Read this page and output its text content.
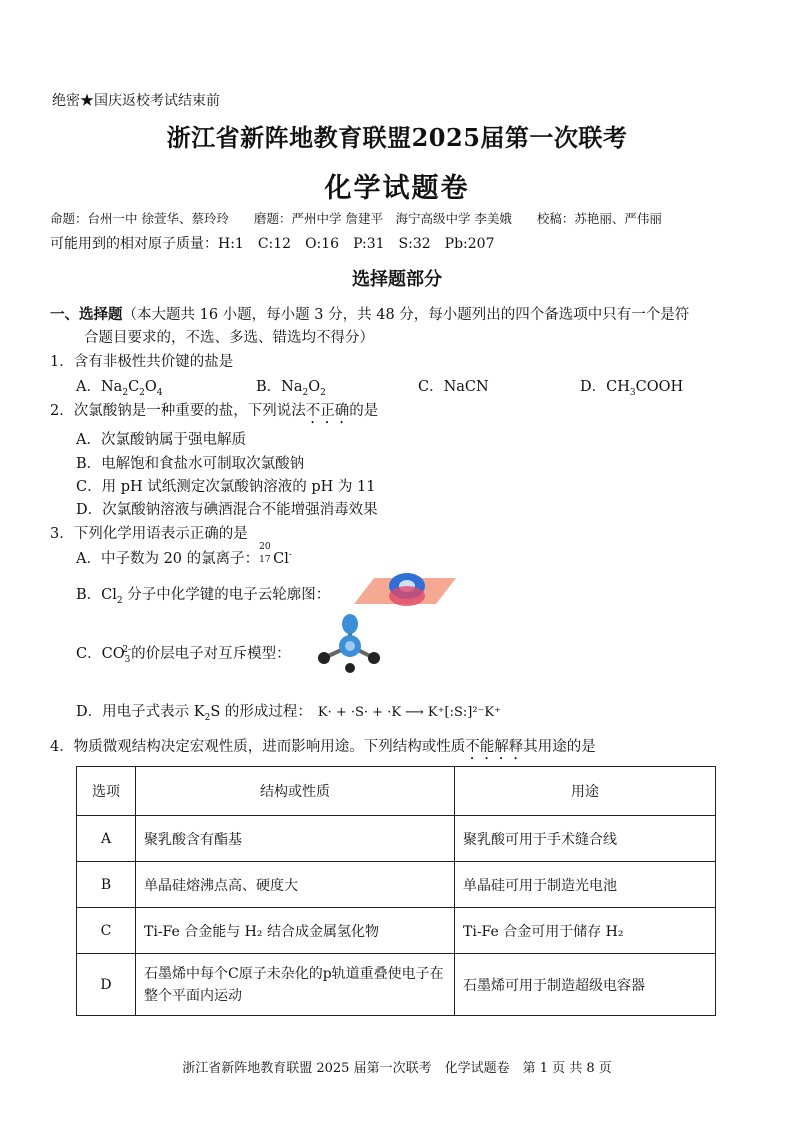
绝密★国庆返校考试结束前
浙江省新阵地教育联盟2025届第一次联考
化学试题卷
命题：台州一中 徐萱华、蔡玲玲　　磨题：严州中学 詹建平　海宁高级中学 李美娥　　校稿：苏艳丽、严伟丽
可能用到的相对原子质量：H:1　C:12　O:16　P:31　S:32　Pb:207
选择题部分
一、选择题（本大题共 16 小题，每小题 3 分，共 48 分，每小题列出的四个备选项中只有一个是符
合题目要求的，不选、多选、错选均不得分）
1．含有非极性共价键的盐是
A．$Na_2C_2O_4$	B．$Na_2O_2$	C．NaCN	D．$CH_3COOH$
2．次氯酸钠是一种重要的盐，下列说法不正确的是
A．次氯酸钠属于强电解质
B．电解饱和食盐水可制取次氯酸钠
C．用 pH 试纸测定次氯酸钠溶液的 pH 为 11
D．次氯酸钠溶液与碘酒混合不能增强消毒效果
3．下列化学用语表示正确的是
A．中子数为 20 的氯离子：
20
17 Cl-
B．$Cl_2$ 分子中化学键的电子云轮廓图：
C．$CO_3^{2-}$的价层电子对互斥模型：
D．用电子式表示 $K_2S$ 的形成过程： K· + ·S· + ·K ⟶ K⁺[:S:]²⁻K⁺
4．物质微观结构决定宏观性质，进而影响用途。下列结构或性质不能解释其用途的是
选项	结构或性质	用途
A	聚乳酸含有酯基	聚乳酸可用于手术缝合线
B	单晶硅熔沸点高、硬度大	单晶硅可用于制造光电池
C	Ti-Fe 合金能与 H₂ 结合成金属氢化物	Ti-Fe 合金可用于储存 H₂
D	石墨烯中每个C原子未杂化的p轨道重叠使电子在整个平面内运动	石墨烯可用于制造超级电容器
浙江省新阵地教育联盟 2025 届第一次联考　化学试题卷　第 1 页 共 8 页
